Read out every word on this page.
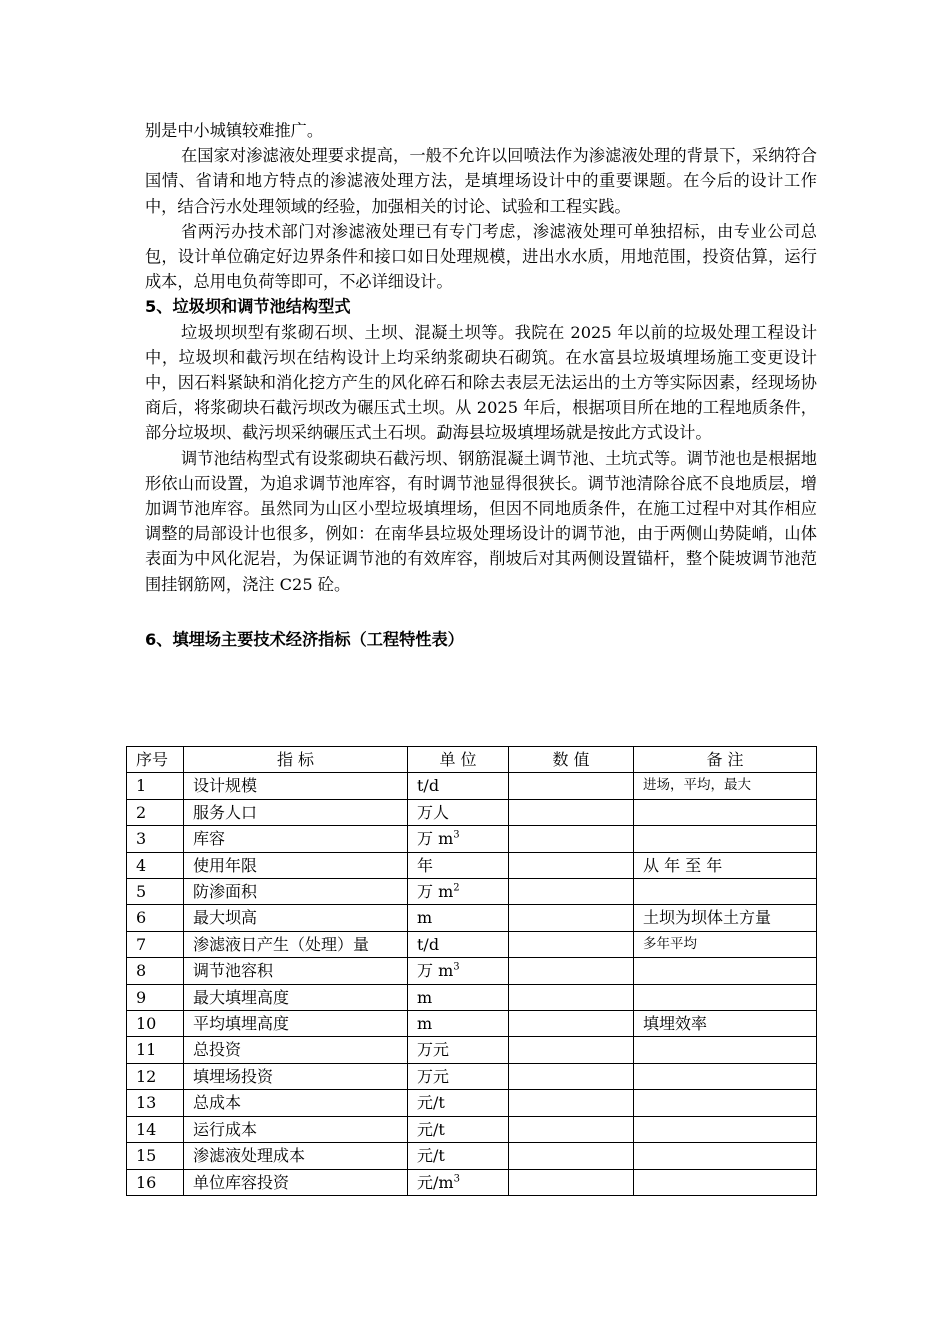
别是中小城镇较难推广。

在国家对渗滤液处理要求提高，一般不允许以回喷法作为渗滤液处理的背景下，采纳符合国情、省请和地方特点的渗滤液处理方法，是填埋场设计中的重要课题。在今后的设计工作中，结合污水处理领域的经验，加强相关的讨论、试验和工程实践。

省两污办技术部门对渗滤液处理已有专门考虑，渗滤液处理可单独招标，由专业公司总包，设计单位确定好边界条件和接口如日处理规模，进出水水质，用地范围，投资估算，运行成本，总用电负荷等即可，不必详细设计。

5、垃圾坝和调节池结构型式

垃圾坝坝型有浆砌石坝、土坝、混凝土坝等。我院在 2025 年以前的垃圾处理工程设计中，垃圾坝和截污坝在结构设计上均采纳浆砌块石砌筑。在水富县垃圾填埋场施工变更设计中，因石料紧缺和消化挖方产生的风化碎石和除去表层无法运出的土方等实际因素，经现场协商后，将浆砌块石截污坝改为碾压式土坝。从 2025 年后，根据项目所在地的工程地质条件，部分垃圾坝、截污坝采纳碾压式土石坝。勐海县垃圾填埋场就是按此方式设计。

调节池结构型式有设浆砌块石截污坝、钢筋混凝土调节池、土坑式等。调节池也是根据地形依山而设置，为追求调节池库容，有时调节池显得很狭长。调节池清除谷底不良地质层，增加调节池库容。虽然同为山区小型垃圾填埋场，但因不同地质条件，在施工过程中对其作相应调整的局部设计也很多，例如：在南华县垃圾处理场设计的调节池，由于两侧山势陡峭，山体表面为中风化泥岩，为保证调节池的有效库容，削坡后对其两侧设置锚杆，整个陡坡调节池范围挂钢筋网，浇注 C25 砼。

6、填埋场主要技术经济指标（工程特性表）
序号	指 标	单 位	数 值	备 注
1	设计规模	t/d		进场，平均，最大
2	服务人口	万人		
3	库容	万 $m^3$		
4	使用年限	年		从 年 至 年
5	防渗面积	万 $m^2$		
6	最大坝高	m		土坝为坝体土方量
7	渗滤液日产生（处理）量	t/d		多年平均
8	调节池容积	万 $m^3$		
9	最大填埋高度	m		
10	平均填埋高度	m		填埋效率
11	总投资	万元		
12	填埋场投资	万元		
13	总成本	元/t		
14	运行成本	元/t		
15	渗滤液处理成本	元/t		
16	单位库容投资	元$/m^3$		
